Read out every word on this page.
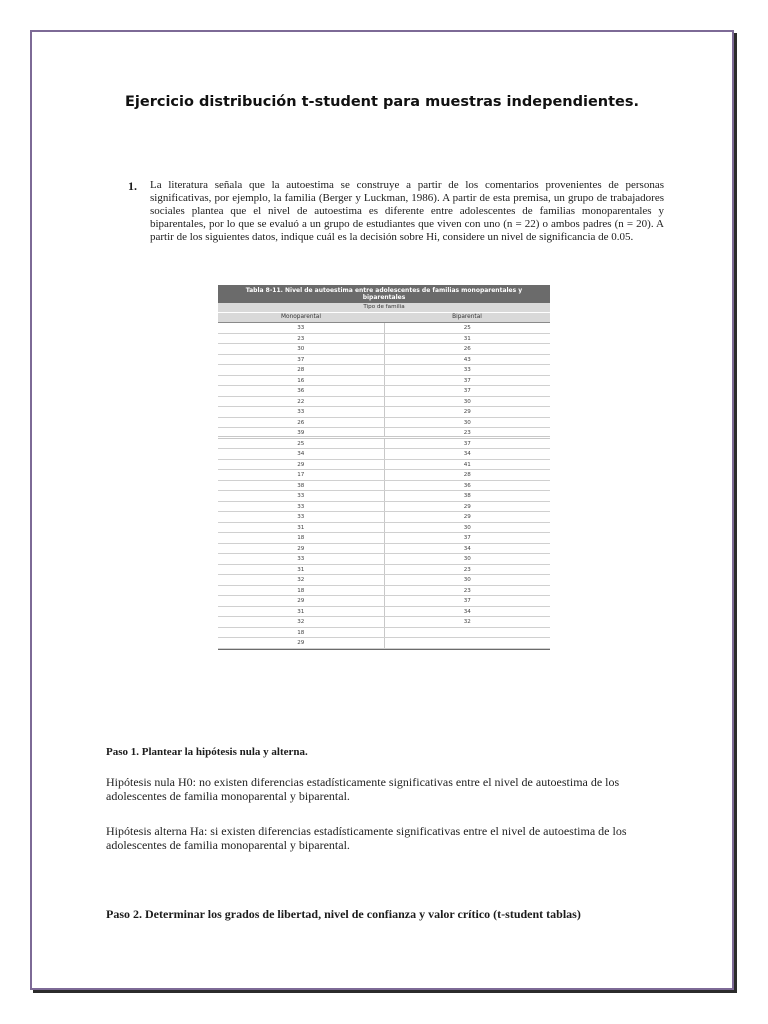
Ejercicio distribución t-student para muestras independientes.
1. La literatura señala que la autoestima se construye a partir de los comentarios provenientes de personas significativas, por ejemplo, la familia (Berger y Luckman, 1986). A partir de esta premisa, un grupo de trabajadores sociales plantea que el nivel de autoestima es diferente entre adolescentes de familias monoparentales y biparentales, por lo que se evaluó a un grupo de estudiantes que viven con uno (n = 22) o ambos padres (n = 20). A partir de los siguientes datos, indique cuál es la decisión sobre Hi, considere un nivel de significancia de 0.05.
Tabla 8-11. Nivel de autoestima entre adolescentes de familias monoparentales y biparentales
Tipo de familia
Monoparental	Biparental
33	25
23	31
30	26
37	43
28	33
16	37
36	37
22	30
33	29
26	30
39	23
25	37
34	34
29	41
17	28
38	36
33	38
33	29
33	29
31	30
18	37
29	34
33	30
31	23
32	30
18	23
29	37
31	34
32	32
18
29
Paso 1. Plantear la hipótesis nula y alterna.
Hipótesis nula H0: no existen diferencias estadísticamente significativas entre el nivel de autoestima de los adolescentes de familia monoparental y biparental.
Hipótesis alterna Ha: si existen diferencias estadísticamente significativas entre el nivel de autoestima de los adolescentes de familia monoparental y biparental.
Paso 2. Determinar los grados de libertad, nivel de confianza y valor crítico (t-student tablas)
